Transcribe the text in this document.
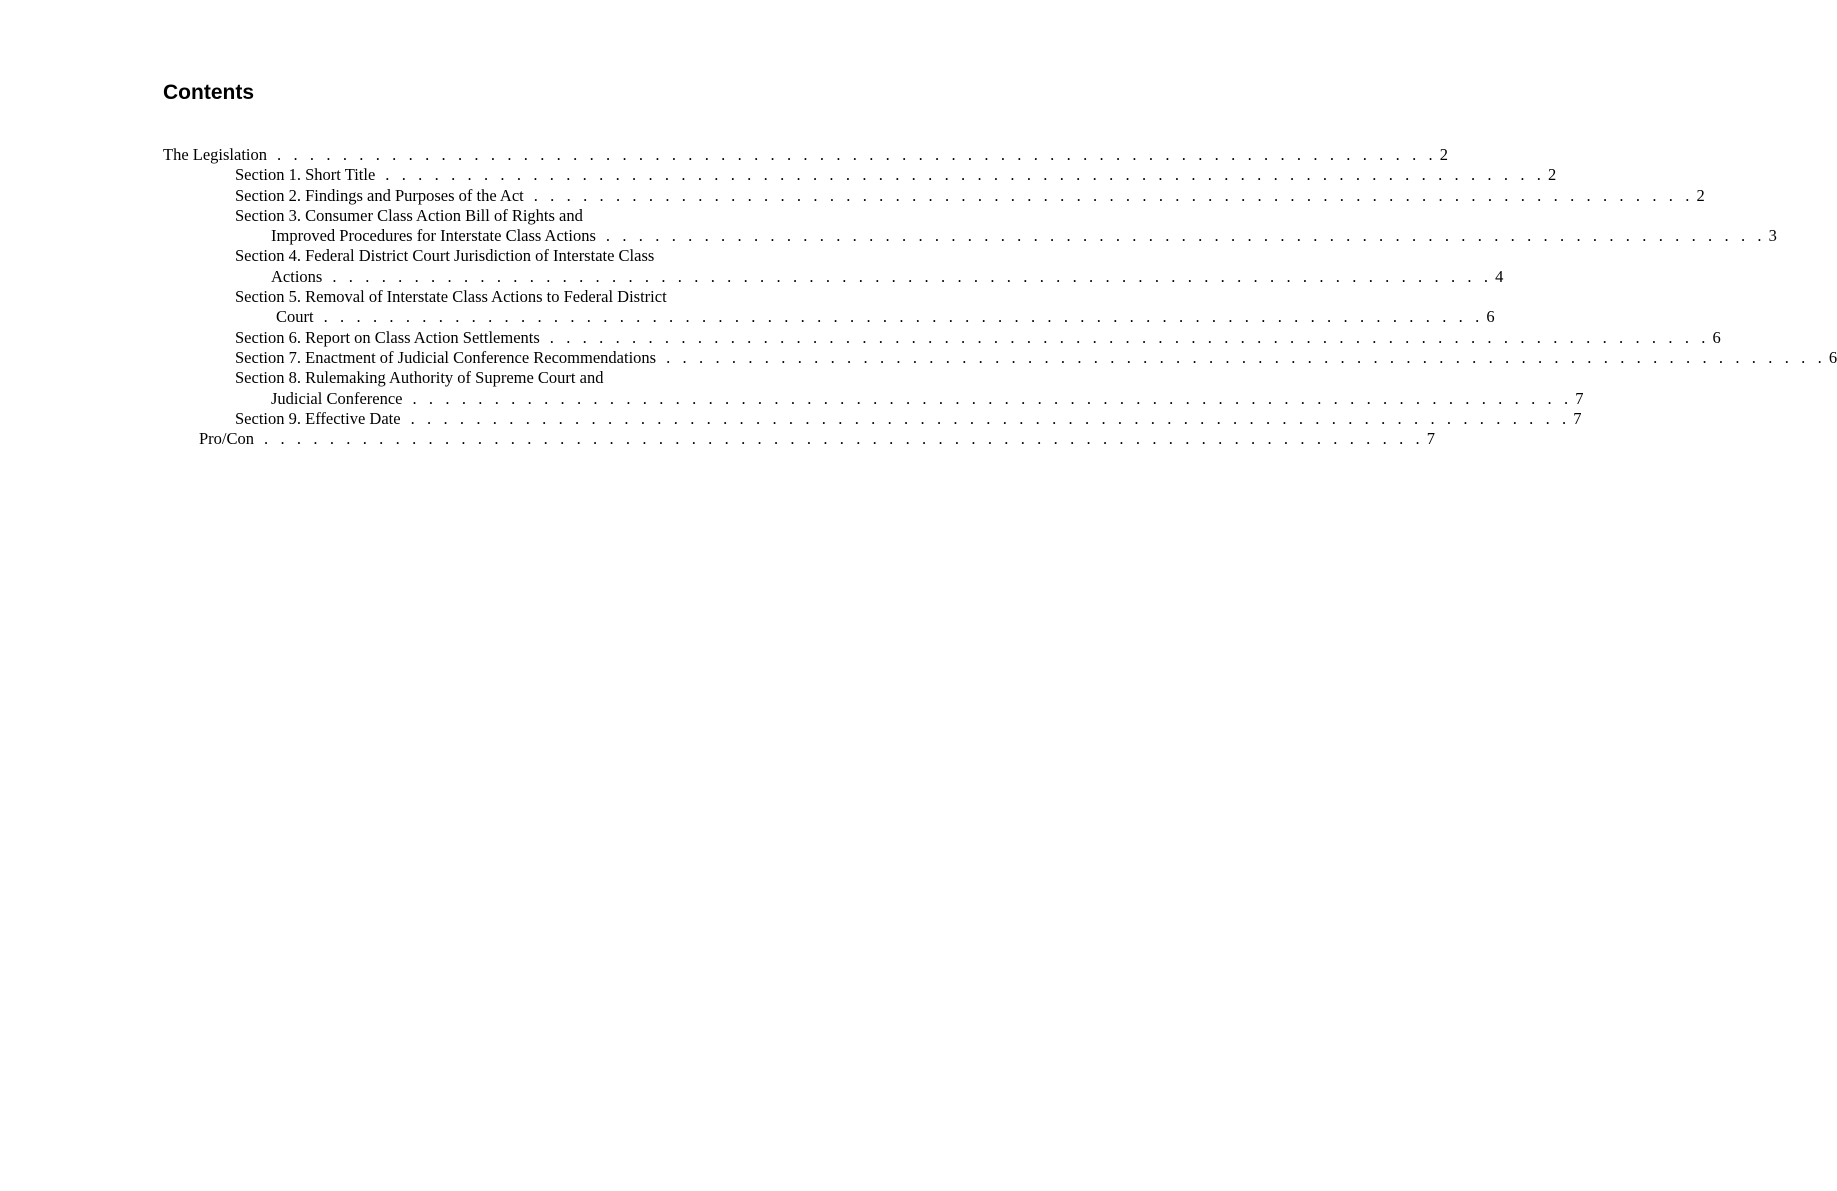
Contents
The Legislation . . . . . . . . . . . . . . . . . . . . . . . . . . . . . . . . . . . . . . . . . . . . . . . . . . . . . . . . . . . . . . . . . . . . . . . 2
Section 1. Short Title . . . . . . . . . . . . . . . . . . . . . . . . . . . . . . . . . . . . . . . . . . . . . . . . . . . . . . . . . . . . . . . . . . . . . . . 2
Section 2. Findings and Purposes of the Act . . . . . . . . . . . . . . . . . . . . . . . . . . . . . . . . . . . . . . . . . . . . . . . . . . . . . . . . . . . . . . . . . . . . . . . 2
Section 3. Consumer Class Action Bill of Rights and
Improved Procedures for Interstate Class Actions . . . . . . . . . . . . . . . . . . . . . . . . . . . . . . . . . . . . . . . . . . . . . . . . . . . . . . . . . . . . . . . . . . . . . . . 3
Section 4. Federal District Court Jurisdiction of Interstate Class
Actions . . . . . . . . . . . . . . . . . . . . . . . . . . . . . . . . . . . . . . . . . . . . . . . . . . . . . . . . . . . . . . . . . . . . . . . 4
Section 5. Removal of Interstate Class Actions to Federal District
Court . . . . . . . . . . . . . . . . . . . . . . . . . . . . . . . . . . . . . . . . . . . . . . . . . . . . . . . . . . . . . . . . . . . . . . . 6
Section 6. Report on Class Action Settlements . . . . . . . . . . . . . . . . . . . . . . . . . . . . . . . . . . . . . . . . . . . . . . . . . . . . . . . . . . . . . . . . . . . . . . . 6
Section 7. Enactment of Judicial Conference Recommendations . . . . . . . . . . . . . . . . . . . . . . . . . . . . . . . . . . . . . . . . . . . . . . . . . . . . . . . . . . . . . . . . . . . . . . . 6
Section 8. Rulemaking Authority of Supreme Court and
Judicial Conference . . . . . . . . . . . . . . . . . . . . . . . . . . . . . . . . . . . . . . . . . . . . . . . . . . . . . . . . . . . . . . . . . . . . . . . 7
Section 9. Effective Date . . . . . . . . . . . . . . . . . . . . . . . . . . . . . . . . . . . . . . . . . . . . . . . . . . . . . . . . . . . . . . . . . . . . . . . 7
Pro/Con . . . . . . . . . . . . . . . . . . . . . . . . . . . . . . . . . . . . . . . . . . . . . . . . . . . . . . . . . . . . . . . . . . . . . . . 7
